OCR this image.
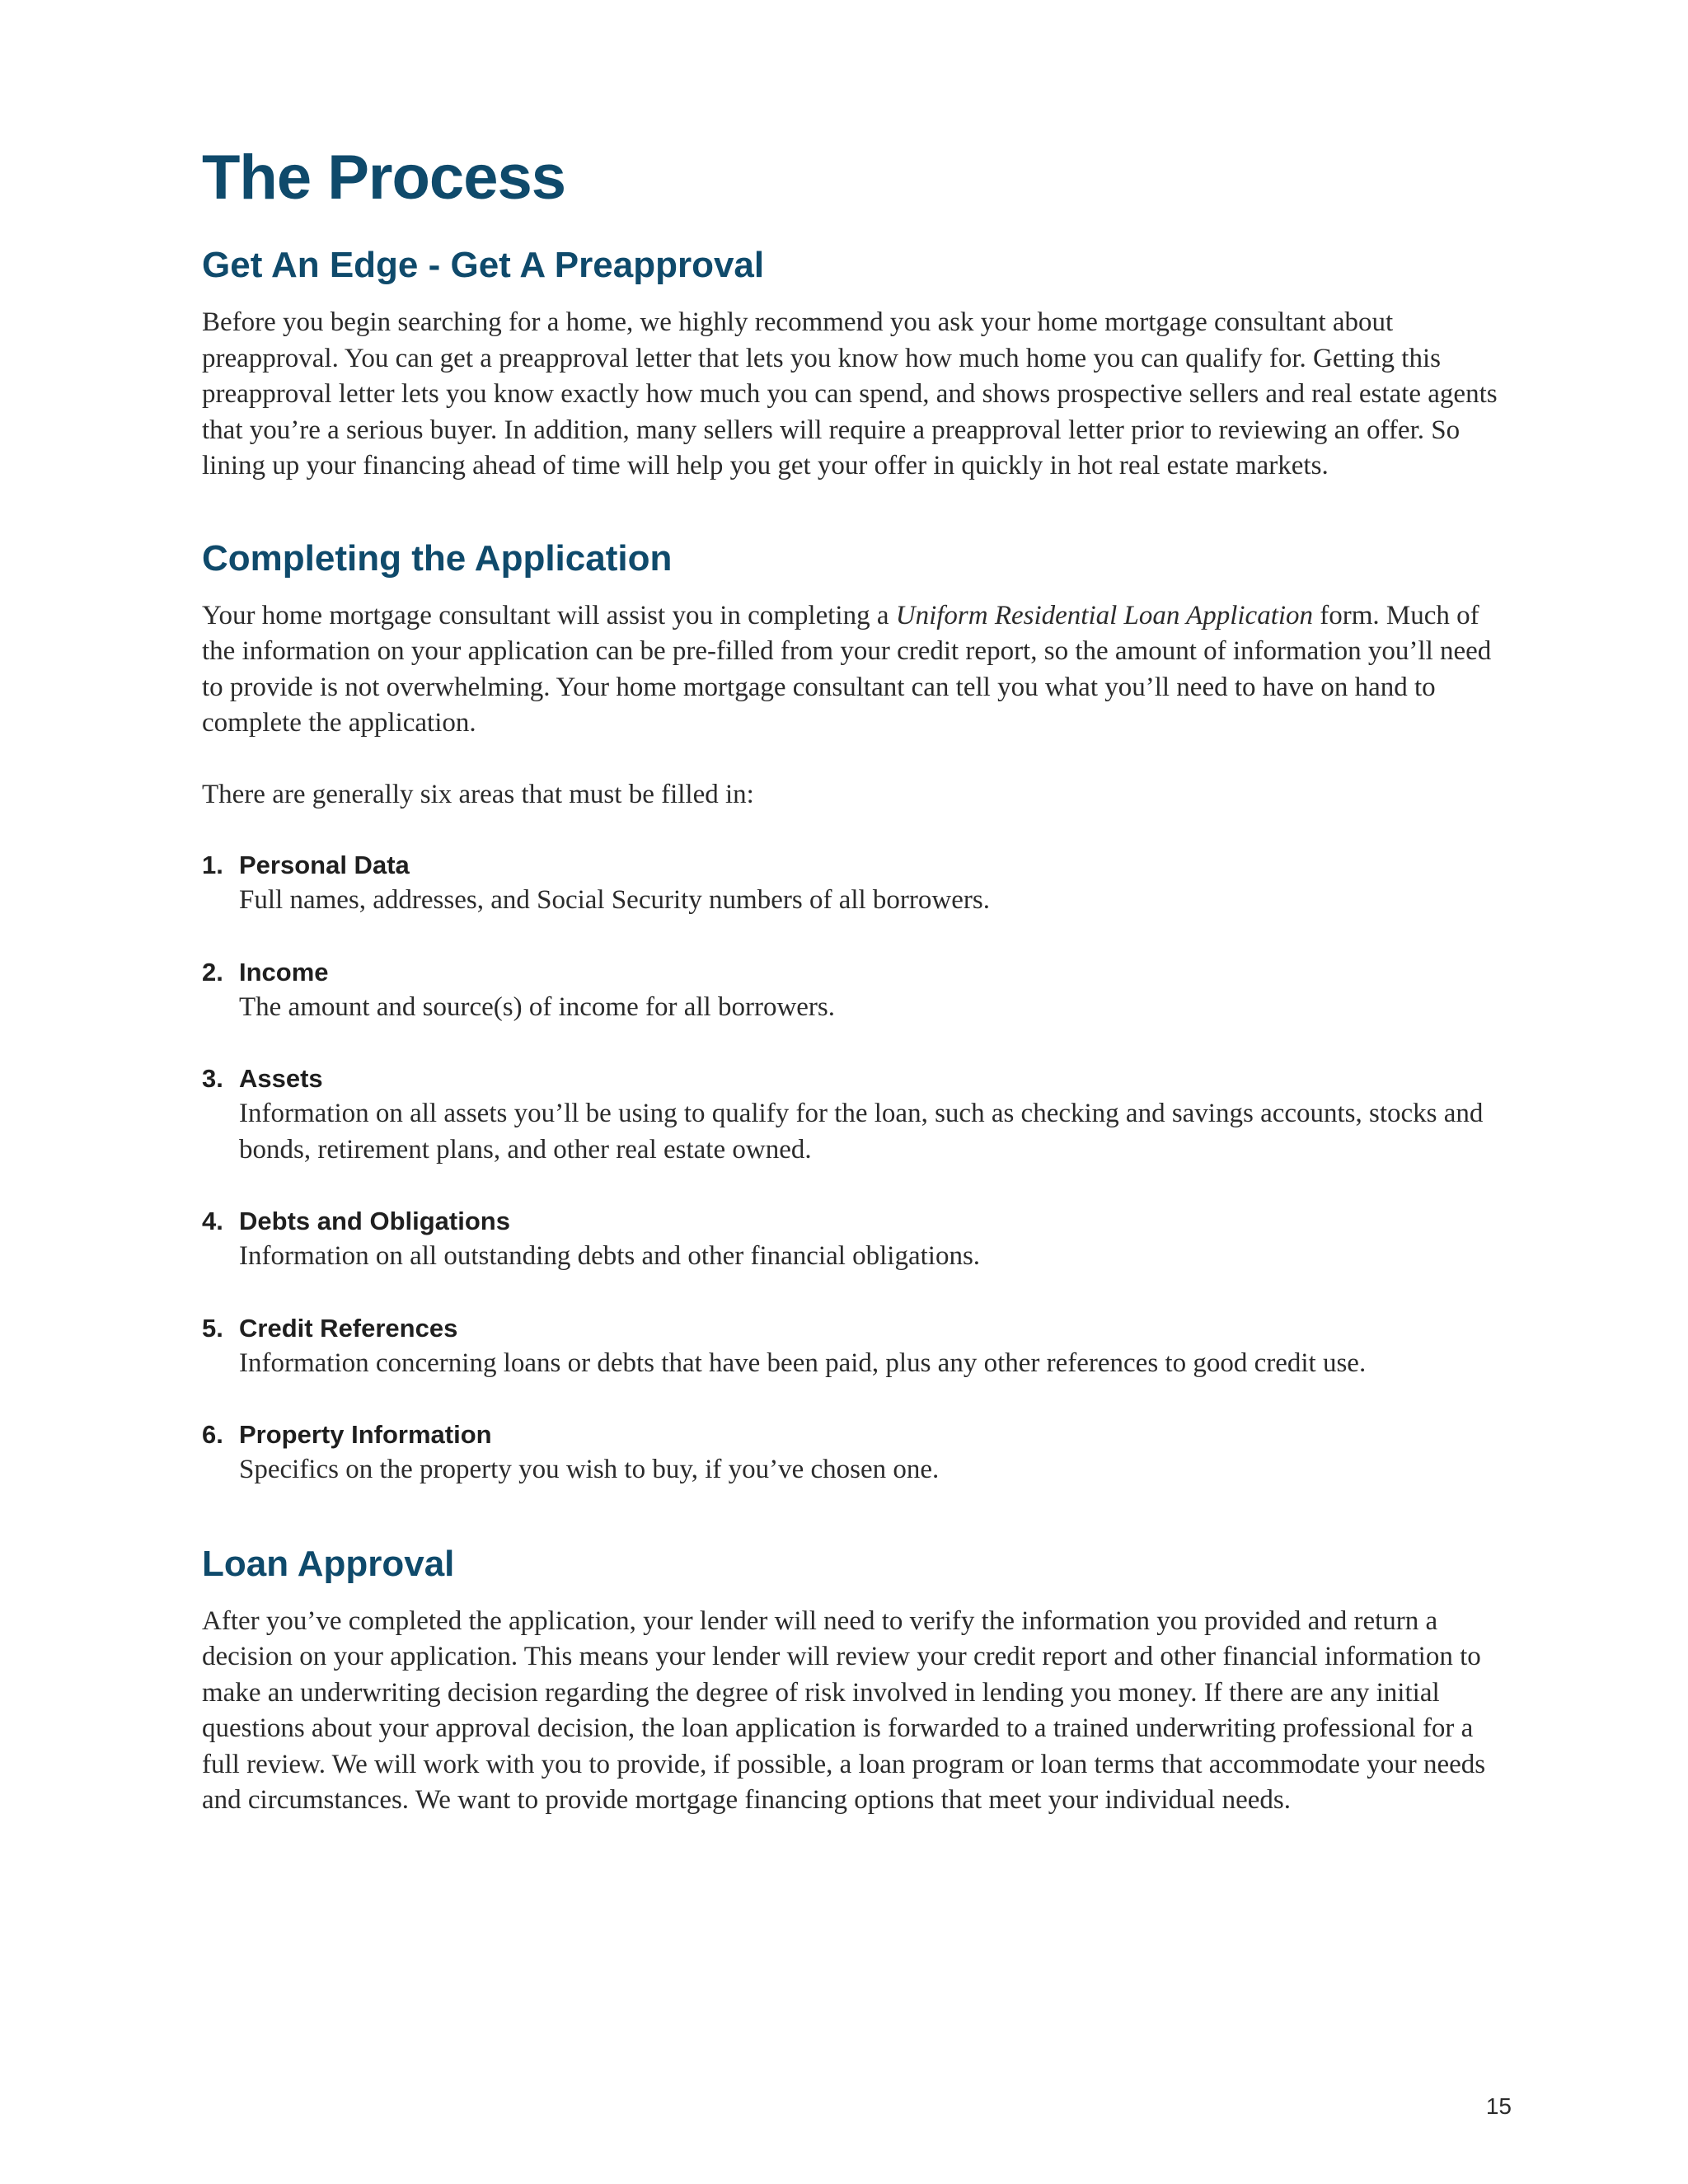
The Process
Get An Edge - Get A Preapproval

Before you begin searching for a home, we highly recommend you ask your home mortgage consultant about preapproval. You can get a preapproval letter that lets you know how much home you can qualify for. Getting this preapproval letter lets you know exactly how much you can spend, and shows prospective sellers and real estate agents that you’re a serious buyer. In addition, many sellers will require a preapproval letter prior to reviewing an offer. So lining up your financing ahead of time will help you get your offer in quickly in hot real estate markets.

Completing the Application

Your home mortgage consultant will assist you in completing a Uniform Residential Loan Application form. Much of the information on your application can be pre-filled from your credit report, so the amount of information you’ll need to provide is not overwhelming. Your home mortgage consultant can tell you what you’ll need to have on hand to complete the application.

There are generally six areas that must be filled in:

1. Personal Data
Full names, addresses, and Social Security numbers of all borrowers.
2. Income
The amount and source(s) of income for all borrowers.
3. Assets
Information on all assets you’ll be using to qualify for the loan, such as checking and savings accounts, stocks and bonds, retirement plans, and other real estate owned.
4. Debts and Obligations
Information on all outstanding debts and other financial obligations.
5. Credit References
Information concerning loans or debts that have been paid, plus any other references to good credit use.
6. Property Information
Specifics on the property you wish to buy, if you’ve chosen one.
Loan Approval

After you’ve completed the application, your lender will need to verify the information you provided and return a decision on your application. This means your lender will review your credit report and other financial information to make an underwriting decision regarding the degree of risk involved in lending you money. If there are any initial questions about your approval decision, the loan application is forwarded to a trained underwriting professional for a full review. We will work with you to provide, if possible, a loan program or loan terms that accommodate your needs and circumstances. We want to provide mortgage financing options that meet your individual needs.

15
